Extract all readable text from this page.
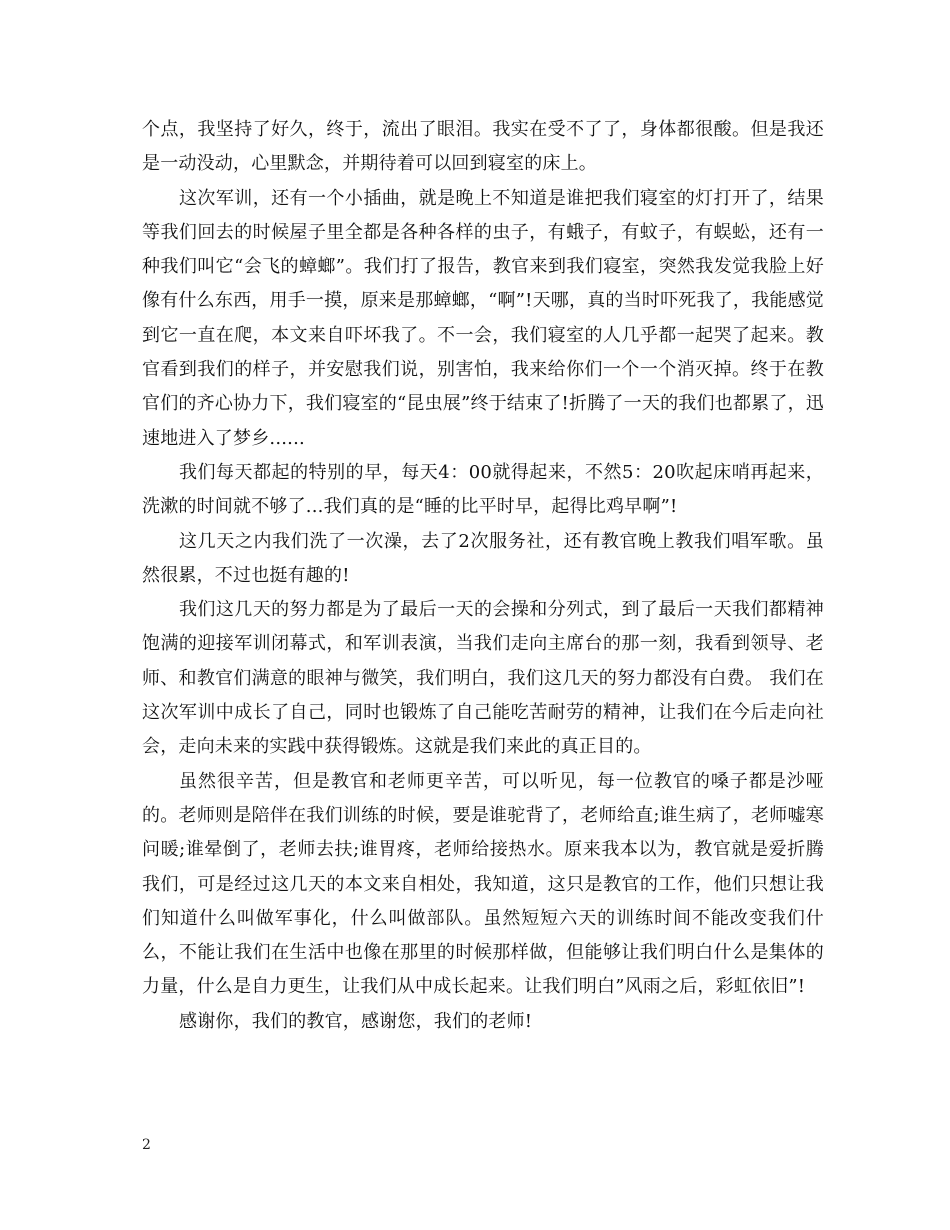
个点，我坚持了好久，终于，流出了眼泪。我实在受不了了，身体都很酸。但是我还是一动没动，心里默念，并期待着可以回到寝室的床上。

这次军训，还有一个小插曲，就是晚上不知道是谁把我们寝室的灯打开了，结果等我们回去的时候屋子里全都是各种各样的虫子，有蛾子，有蚊子，有蜈蚣，还有一种我们叫它“会飞的蟑螂”。我们打了报告，教官来到我们寝室，突然我发觉我脸上好像有什么东西，用手一摸，原来是那蟑螂，“啊”!天哪，真的当时吓死我了，我能感觉到它一直在爬，本文来自吓坏我了。不一会，我们寝室的人几乎都一起哭了起来。教官看到我们的样子，并安慰我们说，别害怕，我来给你们一个一个消灭掉。终于在教官们的齐心协力下，我们寝室的“昆虫展”终于结束了!折腾了一天的我们也都累了，迅速地进入了梦乡......

我们每天都起的特别的早，每天4：00就得起来，不然5：20吹起床哨再起来，洗漱的时间就不够了...我们真的是“睡的比平时早，起得比鸡早啊”!

这几天之内我们洗了一次澡，去了2次服务社，还有教官晚上教我们唱军歌。虽然很累，不过也挺有趣的!

我们这几天的努力都是为了最后一天的会操和分列式，到了最后一天我们都精神饱满的迎接军训闭幕式，和军训表演，当我们走向主席台的那一刻，我看到领导、老师、和教官们满意的眼神与微笑，我们明白，我们这几天的努力都没有白费。 我们在这次军训中成长了自己，同时也锻炼了自己能吃苦耐劳的精神，让我们在今后走向社会，走向未来的实践中获得锻炼。这就是我们来此的真正目的。

虽然很辛苦，但是教官和老师更辛苦，可以听见，每一位教官的嗓子都是沙哑的。老师则是陪伴在我们训练的时候，要是谁驼背了，老师给直;谁生病了，老师嘘寒问暖;谁晕倒了，老师去扶;谁胃疼，老师给接热水。原来我本以为，教官就是爱折腾我们，可是经过这几天的本文来自相处，我知道，这只是教官的工作，他们只想让我们知道什么叫做军事化，什么叫做部队。虽然短短六天的训练时间不能改变我们什么，不能让我们在生活中也像在那里的时候那样做，但能够让我们明白什么是集体的力量，什么是自力更生，让我们从中成长起来。让我们明白”风雨之后，彩虹依旧”!

感谢你，我们的教官，感谢您，我们的老师!

2
